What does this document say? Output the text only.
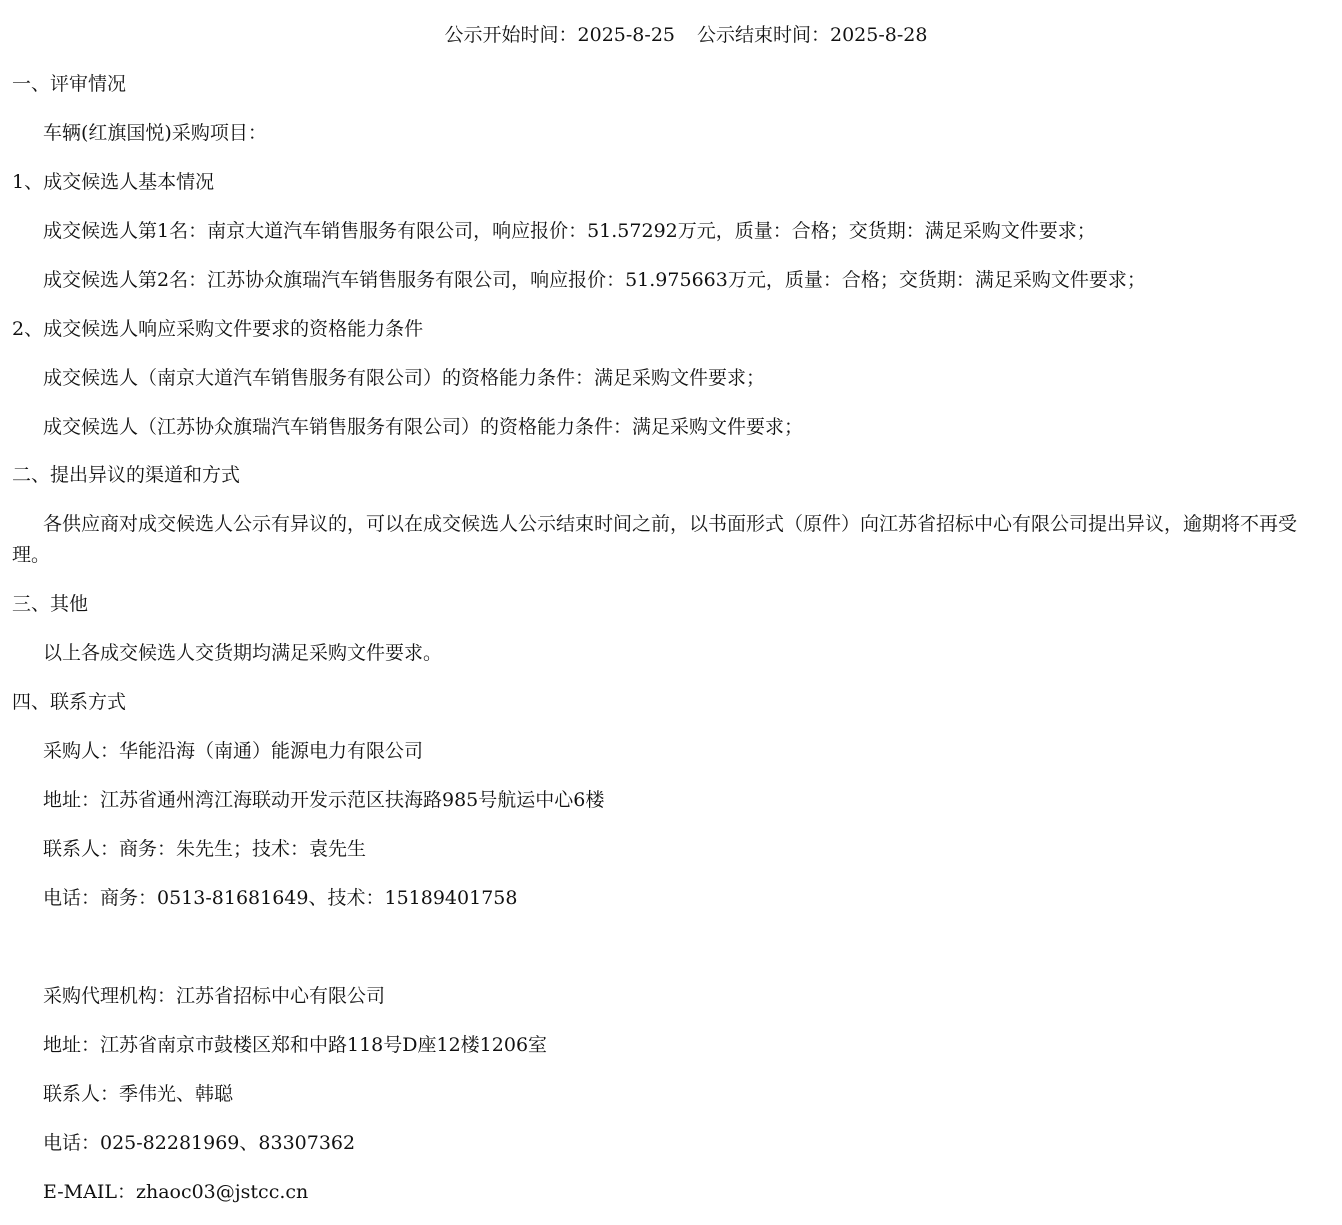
公示开始时间：2025-8-25 公示结束时间：2025-8-28
一、评审情况
车辆(红旗国悦)采购项目：
1、成交候选人基本情况
成交候选人第1名：南京大道汽车销售服务有限公司，响应报价：51.57292万元，质量：合格；交货期：满足采购文件要求；
成交候选人第2名：江苏协众旗瑞汽车销售服务有限公司，响应报价：51.975663万元，质量：合格；交货期：满足采购文件要求；
2、成交候选人响应采购文件要求的资格能力条件
成交候选人（南京大道汽车销售服务有限公司）的资格能力条件：满足采购文件要求；
成交候选人（江苏协众旗瑞汽车销售服务有限公司）的资格能力条件：满足采购文件要求；
二、提出异议的渠道和方式
各供应商对成交候选人公示有异议的，可以在成交候选人公示结束时间之前，以书面形式（原件）向江苏省招标中心有限公司提出异议，逾期将不再受理。
三、其他
以上各成交候选人交货期均满足采购文件要求。
四、联系方式
采购人：华能沿海（南通）能源电力有限公司
地址：江苏省通州湾江海联动开发示范区扶海路985号航运中心6楼
联系人：商务：朱先生；技术：袁先生
电话：商务：0513-81681649、技术：15189401758
采购代理机构：江苏省招标中心有限公司
地址：江苏省南京市鼓楼区郑和中路118号D座12楼1206室
联系人：季伟光、韩聪
电话：025-82281969、83307362
E-MAIL：zhaoc03@jstcc.cn
